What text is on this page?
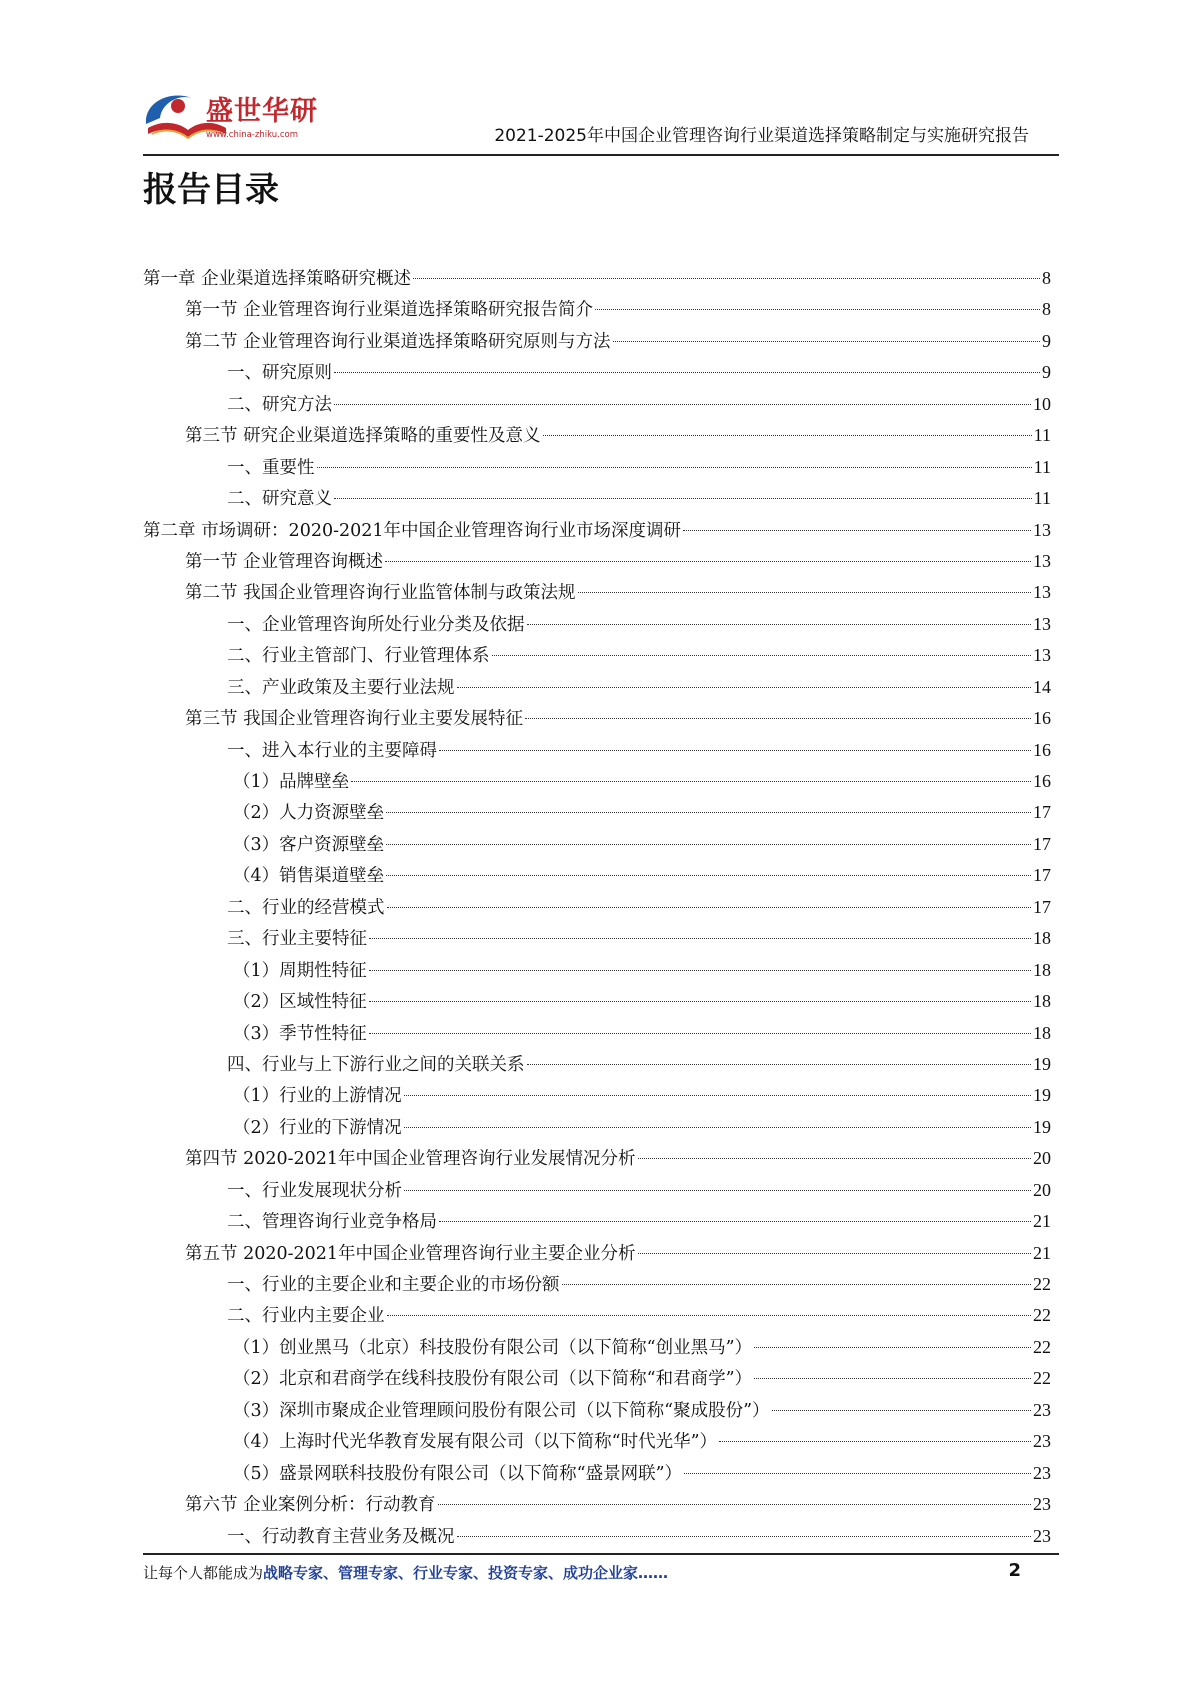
盛世华研
www.china-zhiku.com	2021-2025年中国企业管理咨询行业渠道选择策略制定与实施研究报告
报告目录
第一章 企业渠道选择策略研究概述	8
第一节 企业管理咨询行业渠道选择策略研究报告简介	8
第二节 企业管理咨询行业渠道选择策略研究原则与方法	9
一、研究原则	9
二、研究方法	10
第三节 研究企业渠道选择策略的重要性及意义	11
一、重要性	11
二、研究意义	11
第二章 市场调研：2020-2021年中国企业管理咨询行业市场深度调研	13
第一节 企业管理咨询概述	13
第二节 我国企业管理咨询行业监管体制与政策法规	13
一、企业管理咨询所处行业分类及依据	13
二、行业主管部门、行业管理体系	13
三、产业政策及主要行业法规	14
第三节 我国企业管理咨询行业主要发展特征	16
一、进入本行业的主要障碍	16
（1）品牌壁垒	16
（2）人力资源壁垒	17
（3）客户资源壁垒	17
（4）销售渠道壁垒	17
二、行业的经营模式	17
三、行业主要特征	18
（1）周期性特征	18
（2）区域性特征	18
（3）季节性特征	18
四、行业与上下游行业之间的关联关系	19
（1）行业的上游情况	19
（2）行业的下游情况	19
第四节 2020-2021年中国企业管理咨询行业发展情况分析	20
一、行业发展现状分析	20
二、管理咨询行业竞争格局	21
第五节 2020-2021年中国企业管理咨询行业主要企业分析	21
一、行业的主要企业和主要企业的市场份额	22
二、行业内主要企业	22
（1）创业黑马（北京）科技股份有限公司（以下简称“创业黑马”）	22
（2）北京和君商学在线科技股份有限公司（以下简称“和君商学”）	22
（3）深圳市聚成企业管理顾问股份有限公司（以下简称“聚成股份”）	23
（4）上海时代光华教育发展有限公司（以下简称“时代光华”）	23
（5）盛景网联科技股份有限公司（以下简称“盛景网联”）	23
第六节 企业案例分析：行动教育	23
一、行动教育主营业务及概况	23
让每个人都能成为战略专家、管理专家、行业专家、投资专家、成功企业家……	2
